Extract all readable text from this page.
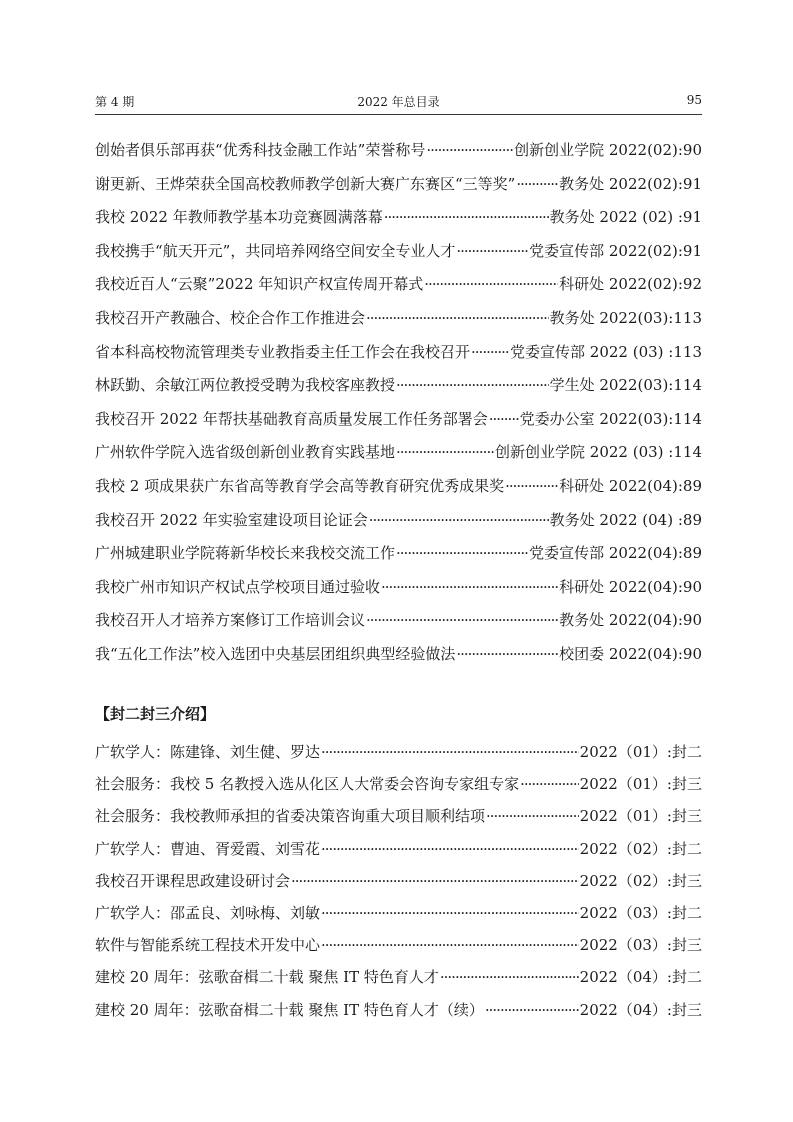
第 4 期	2022 年总目录	95
创始者俱乐部再获“优秀科技金融工作站”荣誉称号 ·····	创新创业学院 2022(02):90
谢更新、王烨荣获全国高校教师教学创新大赛广东赛区“三等奖” ·····	教务处 2022(02):91
我校 2022 年教师教学基本功竞赛圆满落幕 ·····	教务处 2022 (02) :91
我校携手“航天开元”，共同培养网络空间安全专业人才 ·····	党委宣传部 2022(02):91
我校近百人“云聚”2022 年知识产权宣传周开幕式 ·····	科研处 2022(02):92
我校召开产教融合、校企合作工作推进会 ·····	教务处 2022(03):113
省本科高校物流管理类专业教指委主任工作会在我校召开 ·····	党委宣传部 2022 (03) :113
林跃勤、余敏江两位教授受聘为我校客座教授 ·····	学生处 2022(03):114
我校召开 2022 年帮扶基础教育高质量发展工作任务部署会 ····· 党委办公室 2022(03):114
广州软件学院入选省级创新创业教育实践基地 ·····	创新创业学院 2022 (03) :114
我校 2 项成果获广东省高等教育学会高等教育研究优秀成果奖 ·····	科研处 2022(04):89
我校召开 2022 年实验室建设项目论证会 ·····	教务处 2022 (04) :89
广州城建职业学院蒋新华校长来我校交流工作 ·····	党委宣传部 2022(04):89
我校广州市知识产权试点学校项目通过验收 ·····	科研处 2022(04):90
我校召开人才培养方案修订工作培训会议 ·····	教务处 2022(04):90
我“五化工作法”校入选团中央基层团组织典型经验做法 ·····	校团委 2022(04):90
【封二封三介绍】
广软学人：陈建锋、刘生健、罗达 ·····	2022（01）:封二
社会服务：我校 5 名教授入选从化区人大常委会咨询专家组专家 ·····	2022（01）:封三
社会服务：我校教师承担的省委决策咨询重大项目顺利结项 ·····	2022（01）:封三
广软学人：曹迪、胥爱霞、刘雪花 ·····	2022（02）:封二
我校召开课程思政建设研讨会 ·····	2022（02）:封三
广软学人：邵孟良、刘咏梅、刘敏 ·····	2022（03）:封二
软件与智能系统工程技术开发中心 ·····	2022（03）:封三
建校 20 周年：弦歌奋楫二十载 聚焦 IT 特色育人才 ·····	2022（04）:封二
建校 20 周年：弦歌奋楫二十载 聚焦 IT 特色育人才（续） ·····	2022（04）:封三
